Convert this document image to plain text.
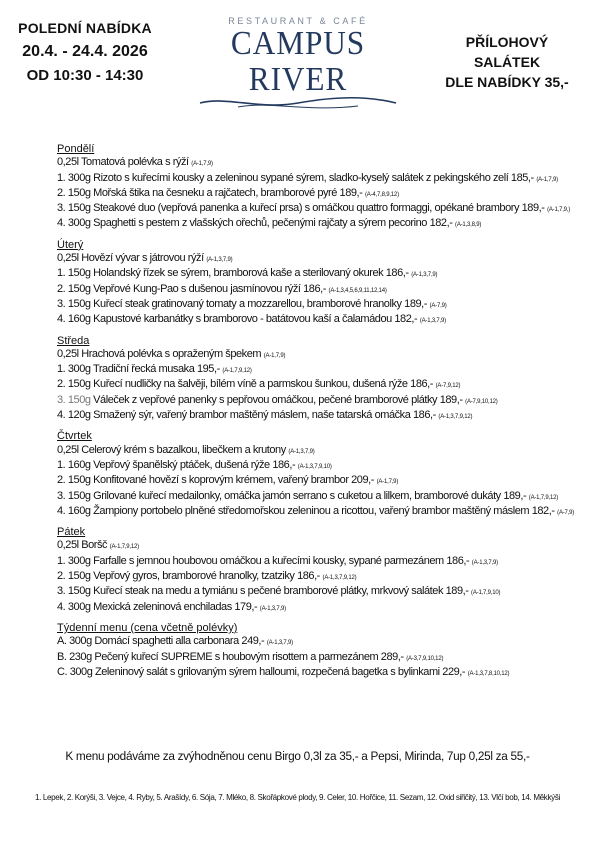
POLEDNÍ NABÍDKA
20.4. - 24.4. 2026
OD 10:30 - 14:30
RESTAURANT & CAFÉ
CAMPUS RIVER
PŘÍLOHOVÝ SALÁTEK
DLE NABÍDKY 35,-
Pondělí
0,25l Tomatová polévka s rýží (A-1,7,9)
1. 300g Rizoto s kuřecími kousky a zeleninou sypané sýrem, sladko-kyselý salátek z pekingského zelí 185,- (A-1,7,9)
2. 150g Mořská štika na česneku a rajčatech, bramborové pyré 189,- (A-4,7,8,9,12)
3. 150g Steakové duo (vepřová panenka a kuřecí prsa) s omáčkou quattro formaggi, opékané brambory 189,- (A-1,7,9,)
4. 300g Spaghetti s pestem z vlašských ořechů, pečenými rajčaty a sýrem pecorino 182,- (A-1,3,8,9)
Úterý
0,25l Hovězí vývar s játrovou rýží (A-1,3,7,9)
1. 150g Holandský řízek se sýrem, bramborová kaše a sterilovaný okurek 186,- (A-1,3,7,9)
2. 150g Vepřové Kung-Pao s dušenou jasmínovou rýží 186,- (A-1,3,4,5,6,9,11,12,14)
3. 150g Kuřecí steak gratinovaný tomaty a mozzarellou, bramborové hranolky 189,- (A-7,9)
4. 160g Kapustové karbanátky s bramborovo - batátovou kaší a čalamádou 182,- (A-1,3,7,9)
Středa
0,25l Hrachová polévka s opraženým špekem (A-1,7,9)
1. 300g Tradiční řecká musaka 195,- (A-1,7,9,12)
2. 150g Kuřecí nudličky na šalvěji, bílém víně a parmskou šunkou, dušená rýže 186,- (A-7,9,12)
3. 150g Váleček z vepřové panenky s pepřovou omáčkou, pečené bramborové plátky 189,- (A-7,9,10,12)
4. 120g Smažený sýr, vařený brambor maštěný máslem, naše tatarská omáčka 186,- (A-1,3,7,9,12)
Čtvrtek
0,25l Celerový krém s bazalkou, libečkem a krutony (A-1,3,7,9)
1. 160g Vepřový španělský ptáček, dušená rýže 186,- (A-1,3,7,9,10)
2. 150g Konfitované hovězí s koprovým krémem, vařený brambor 209,- (A-1,7,9)
3. 150g Grilované kuřecí medailonky, omáčka jamón serrano s cuketou a lilkem, bramborové dukáty 189,- (A-1,7,9,12)
4. 160g Žampiony portobelo plněné středomořskou zeleninou a ricottou, vařený brambor maštěný máslem 182,- (A-7,9)
Pátek
0,25l Boršč (A-1,7,9,12)
1. 300g Farfalle s jemnou houbovou omáčkou a kuřecími kousky, sypané parmezánem 186,- (A-1,3,7,9)
2. 150g Vepřový gyros, bramborové hranolky, tzatziky 186,- (A-1,3,7,9,12)
3. 150g Kuřecí steak na medu a tymiánu s pečené bramborové plátky, mrkvový salátek 189,- (A-1,7,9,10)
4. 300g Mexická zeleninová enchiladas 179,- (A-1,3,7,9)
Týdenní menu (cena včetně polévky)
A. 300g Domácí spaghetti alla carbonara 249,- (A-1,3,7,9)
B. 230g Pečený kuřecí SUPREME s houbovým risottem a parmezánem 289,- (A-3,7,9,10,12)
C. 300g Zeleninový salát s grilovaným sýrem halloumi, rozpečená bagetka s bylinkami 229,- (A-1,3,7,8,10,12)
K menu podáváme za zvýhodněnou cenu Birgo 0,3l za 35,- a Pepsi, Mirinda, 7up 0,25l za 55,-
1. Lepek, 2. Korýši, 3. Vejce, 4. Ryby, 5. Arašídy, 6. Sója, 7. Mléko, 8. Skořápkové plody, 9. Celer, 10. Hořčice, 11. Sezam, 12. Oxid siřičitý, 13. Vlčí bob, 14. Měkkýši
